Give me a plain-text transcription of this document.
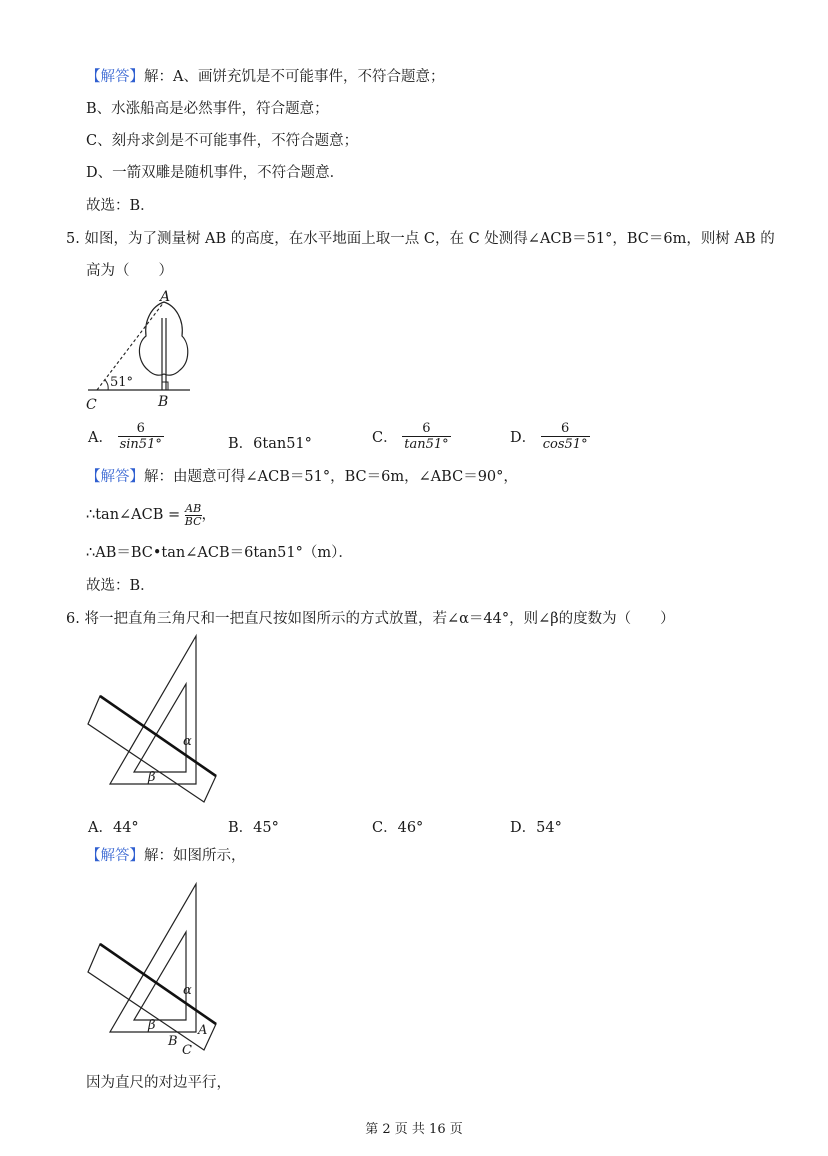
【解答】解：A、画饼充饥是不可能事件，不符合题意；
B、水涨船高是必然事件，符合题意；
C、刻舟求剑是不可能事件，不符合题意；
D、一箭双雕是随机事件，不符合题意．
故选：B．
5. 如图，为了测量树 AB 的高度，在水平地面上取一点 C，在 C 处测得∠ACB＝51°，BC＝6m，则树 AB 的
高为（　　）
A
B
C
51°
A． $\frac{6}{\sin 51^\circ}$	B．6tan51°	C． $\frac{6}{\tan 51^\circ}$	D． $\frac{6}{\cos 51^\circ}$
【解答】解：由题意可得∠ACB＝51°，BC＝6m，∠ABC＝90°，
∴tan∠ACB = $\frac{AB}{BC}$ ，
∴AB＝BC•tan∠ACB＝6tan51°（m）．
故选：B．
6. 将一把直角三角尺和一把直尺按如图所示的方式放置，若∠α＝44°，则∠β的度数为（　　）
α
β
A．44°	B．45°	C．46°	D．54°
【解答】解：如图所示，
α
β	A
B
C
因为直尺的对边平行，
第 2 页 共 16 页
